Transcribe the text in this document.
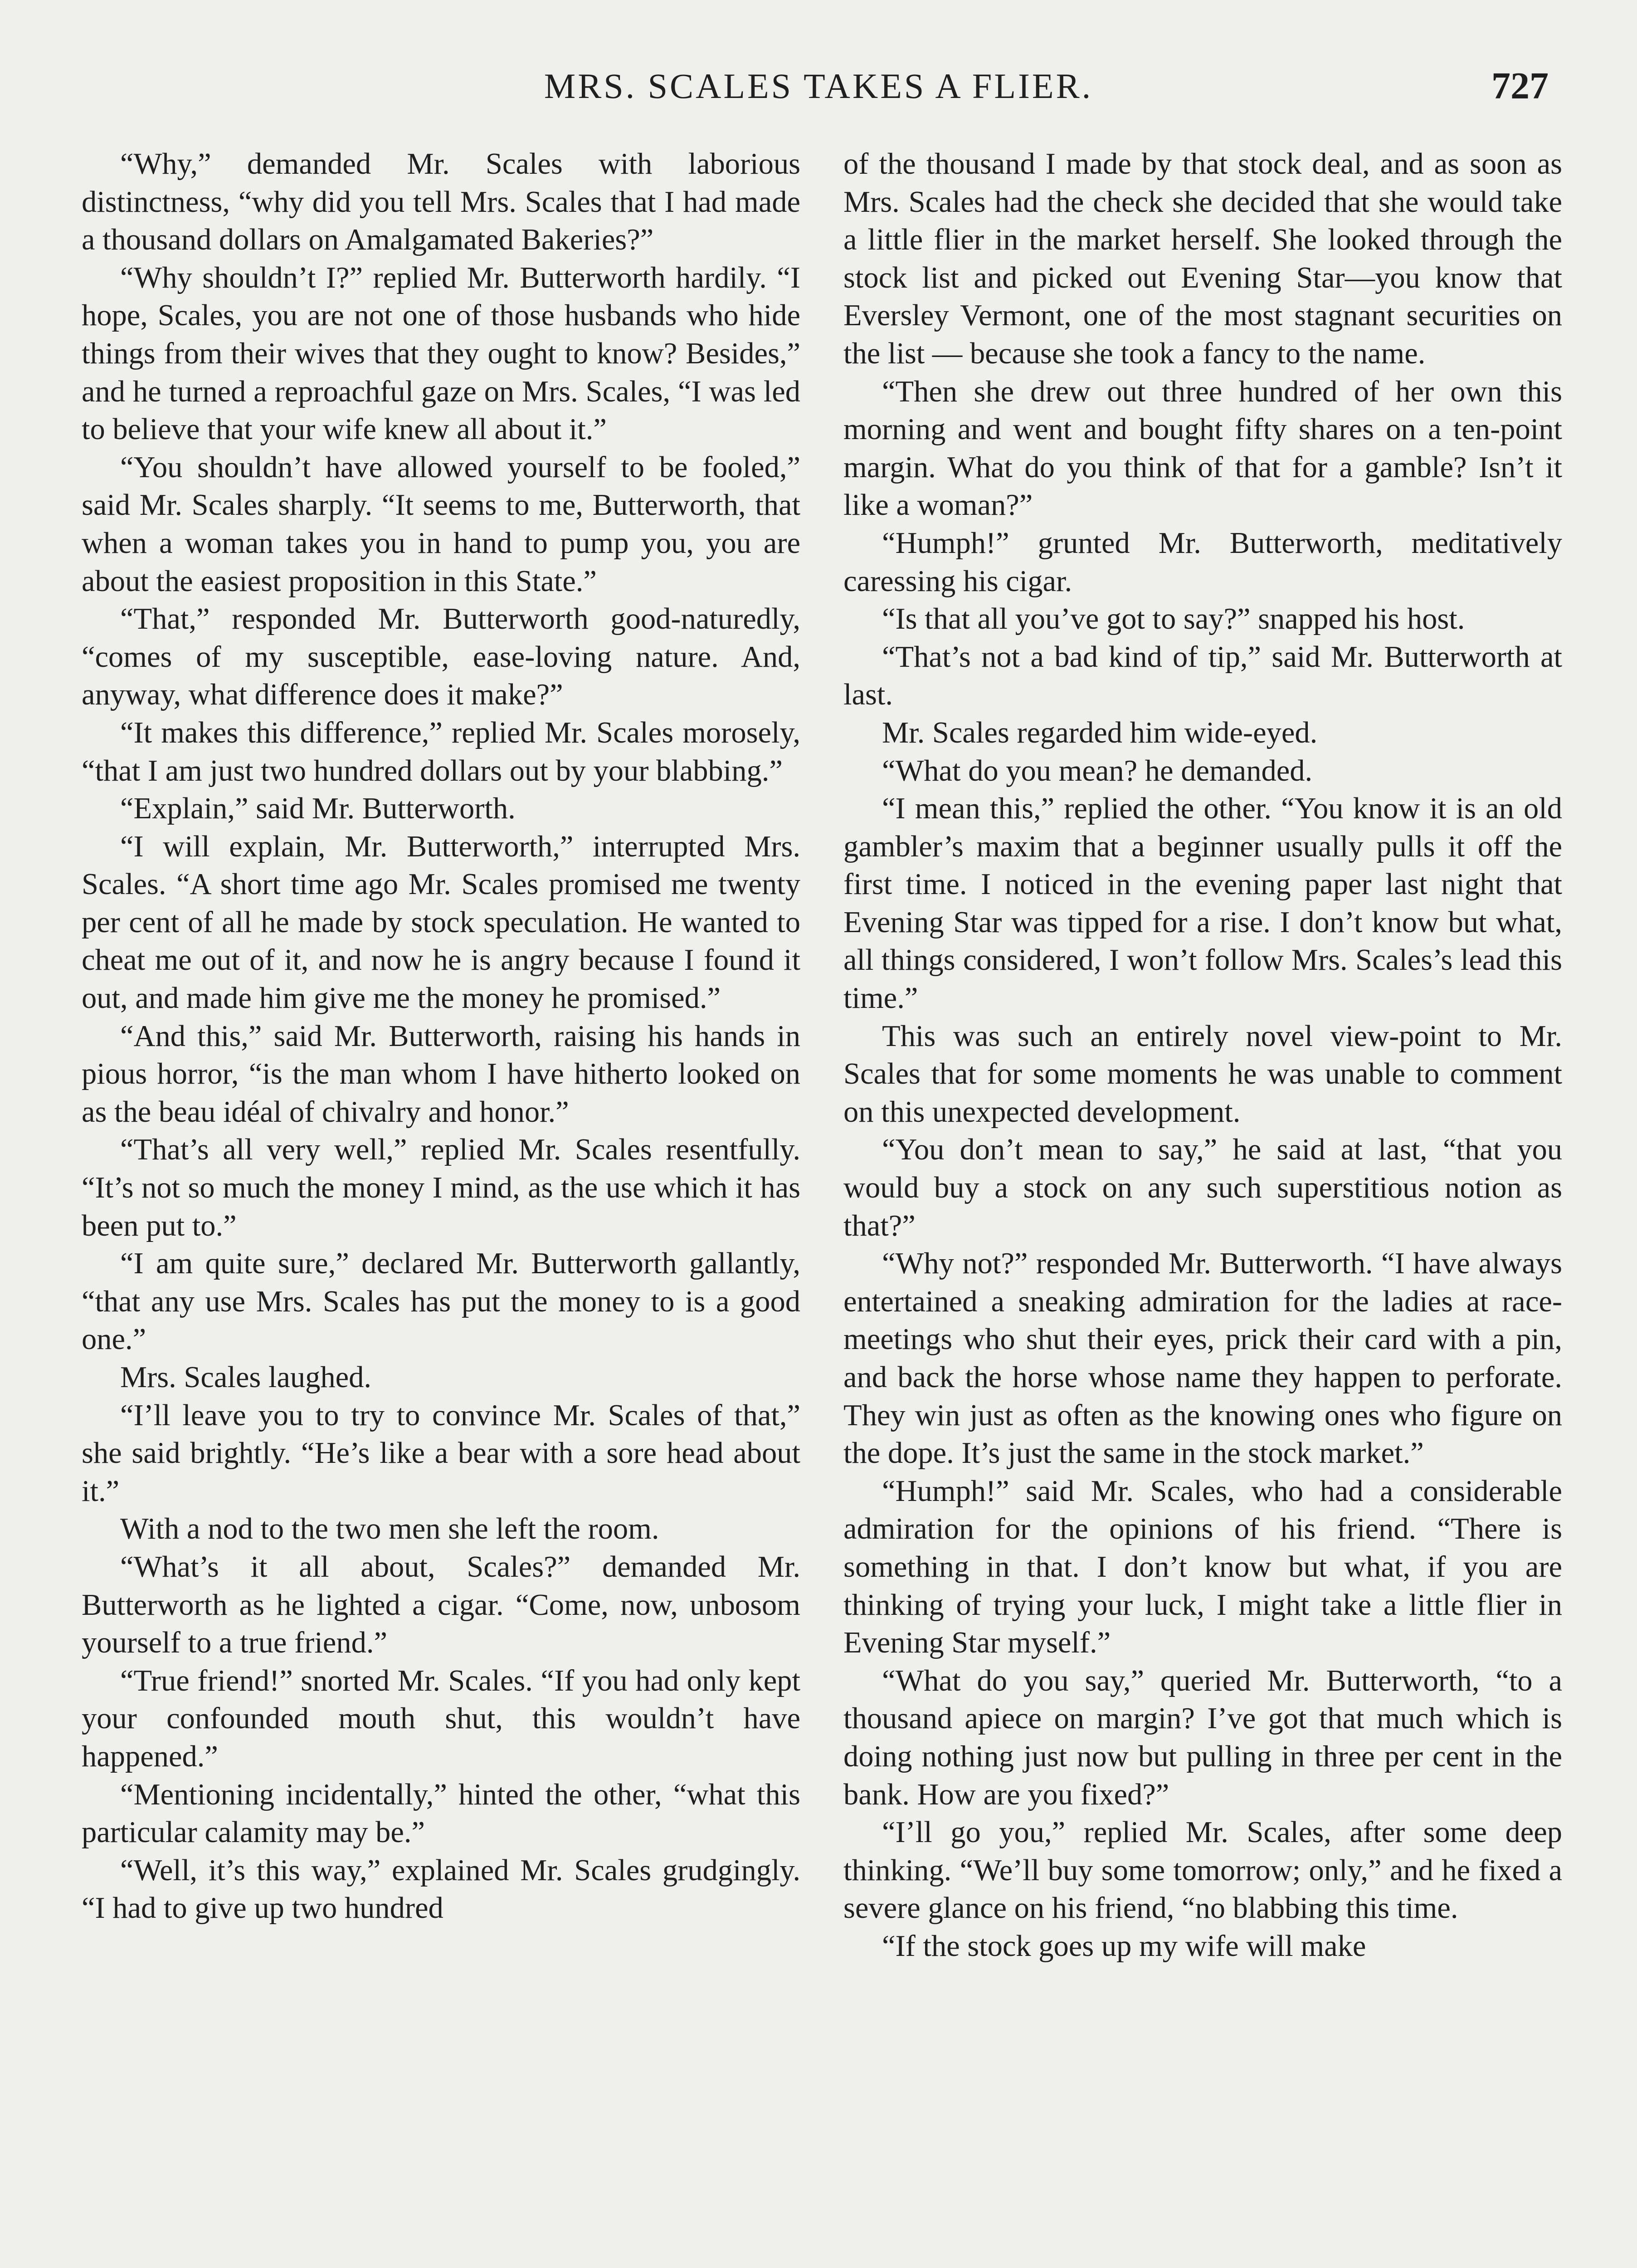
MRS. SCALES TAKES A FLIER.	727

“Why,” demanded Mr. Scales with laborious distinctness, “why did you tell Mrs. Scales that I had made a thousand dollars on Amalgamated Bakeries?”

“Why shouldn’t I?” replied Mr. Butterworth hardily. “I hope, Scales, you are not one of those husbands who hide things from their wives that they ought to know? Besides,” and he turned a reproachful gaze on Mrs. Scales, “I was led to believe that your wife knew all about it.”

“You shouldn’t have allowed yourself to be fooled,” said Mr. Scales sharply. “It seems to me, Butterworth, that when a woman takes you in hand to pump you, you are about the easiest proposition in this State.”

“That,” responded Mr. Butterworth good-naturedly, “comes of my susceptible, ease-loving nature. And, anyway, what difference does it make?”

“It makes this difference,” replied Mr. Scales morosely, “that I am just two hundred dollars out by your blabbing.”

“Explain,” said Mr. Butterworth.

“I will explain, Mr. Butterworth,” interrupted Mrs. Scales. “A short time ago Mr. Scales promised me twenty per cent of all he made by stock speculation. He wanted to cheat me out of it, and now he is angry because I found it out, and made him give me the money he promised.”

“And this,” said Mr. Butterworth, raising his hands in pious horror, “is the man whom I have hitherto looked on as the beau idéal of chivalry and honor.”

“That’s all very well,” replied Mr. Scales resentfully. “It’s not so much the money I mind, as the use which it has been put to.”

“I am quite sure,” declared Mr. Butterworth gallantly, “that any use Mrs. Scales has put the money to is a good one.”

Mrs. Scales laughed.

“I’ll leave you to try to convince Mr. Scales of that,” she said brightly. “He’s like a bear with a sore head about it.”

With a nod to the two men she left the room.

“What’s it all about, Scales?” demanded Mr. Butterworth as he lighted a cigar. “Come, now, unbosom yourself to a true friend.”

“True friend!” snorted Mr. Scales. “If you had only kept your confounded mouth shut, this wouldn’t have happened.”

“Mentioning incidentally,” hinted the other, “what this particular calamity may be.”

“Well, it’s this way,” explained Mr. Scales grudgingly. “I had to give up two hundred

of the thousand I made by that stock deal, and as soon as Mrs. Scales had the check she decided that she would take a little flier in the market herself. She looked through the stock list and picked out Evening Star—you know that Eversley Vermont, one of the most stagnant securities on the list — because she took a fancy to the name.

“Then she drew out three hundred of her own this morning and went and bought fifty shares on a ten-point margin. What do you think of that for a gamble? Isn’t it like a woman?”

“Humph!” grunted Mr. Butterworth, meditatively caressing his cigar.

“Is that all you’ve got to say?” snapped his host.

“That’s not a bad kind of tip,” said Mr. Butterworth at last.

Mr. Scales regarded him wide-eyed.

“What do you mean? he demanded.

“I mean this,” replied the other. “You know it is an old gambler’s maxim that a beginner usually pulls it off the first time. I noticed in the evening paper last night that Evening Star was tipped for a rise. I don’t know but what, all things considered, I won’t follow Mrs. Scales’s lead this time.”

This was such an entirely novel view-point to Mr. Scales that for some moments he was unable to comment on this unexpected development.

“You don’t mean to say,” he said at last, “that you would buy a stock on any such superstitious notion as that?”

“Why not?” responded Mr. Butterworth. “I have always entertained a sneaking admiration for the ladies at race-meetings who shut their eyes, prick their card with a pin, and back the horse whose name they happen to perforate. They win just as often as the knowing ones who figure on the dope. It’s just the same in the stock market.”

“Humph!” said Mr. Scales, who had a considerable admiration for the opinions of his friend. “There is something in that. I don’t know but what, if you are thinking of trying your luck, I might take a little flier in Evening Star myself.”

“What do you say,” queried Mr. Butterworth, “to a thousand apiece on margin? I’ve got that much which is doing nothing just now but pulling in three per cent in the bank. How are you fixed?”

“I’ll go you,” replied Mr. Scales, after some deep thinking. “We’ll buy some tomorrow; only,” and he fixed a severe glance on his friend, “no blabbing this time.

“If the stock goes up my wife will make
